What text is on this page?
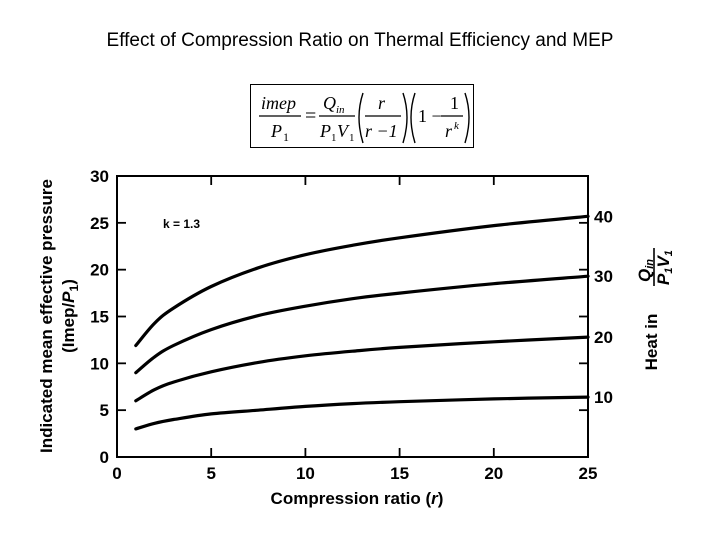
Effect of Compression Ratio on Thermal Efficiency and MEP
imep
P 1
=
Q in
P 1 V 1
r
r −1
1 −
1
r k
0	5	10	15	20	25
0
5
10
15
20
25
30
40
30
20
10
k = 1.3
Compression ratio (r)
Indicated mean effective pressure $(Imep/P_1)$
Heat in
Qin
P1V1
